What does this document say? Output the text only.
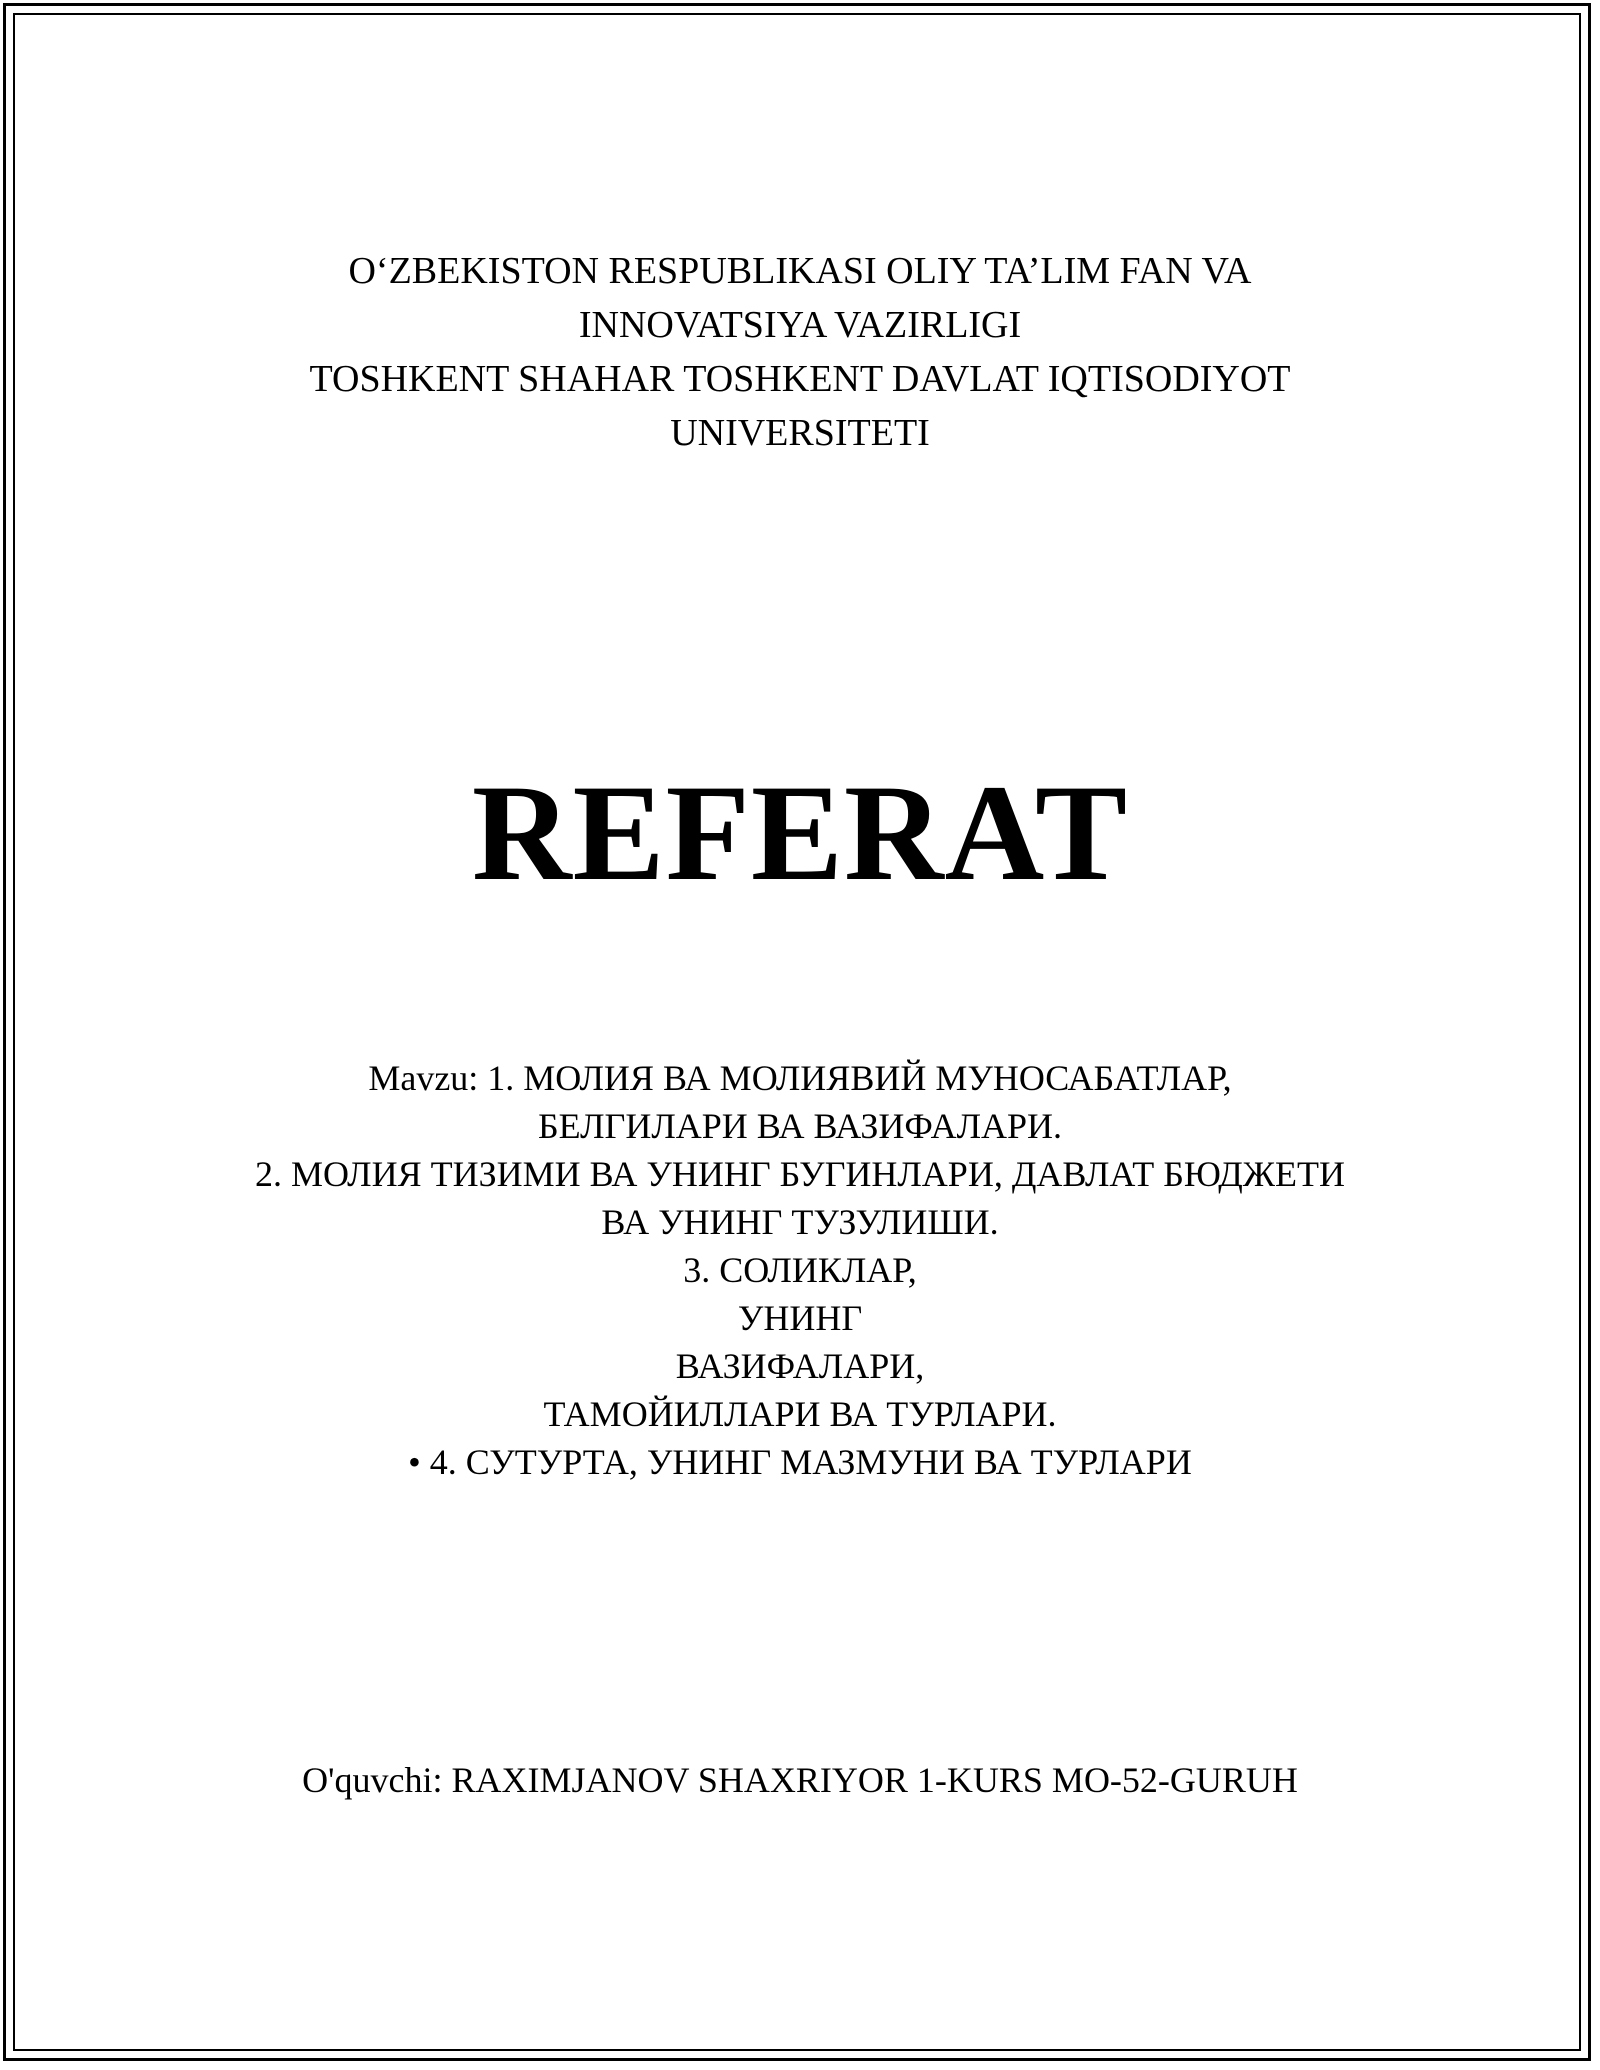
O‘ZBEKISTON RESPUBLIKASI OLIY TA’LIM FAN VA
INNOVATSIYA VAZIRLIGI
TOSHKENT SHAHAR TOSHKENT DAVLAT IQTISODIYOT
UNIVERSITETI
REFERAT
Mavzu: 1. МОЛИЯ ВА МОЛИЯВИЙ МУНОСАБАТЛАР,
БЕЛГИЛАРИ ВА ВАЗИФАЛАРИ.
2. МОЛИЯ ТИЗИМИ ВА УНИНГ БУГИНЛАРИ, ДАВЛАТ БЮДЖЕТИ
ВА УНИНГ ТУЗУЛИШИ.
3. СОЛИКЛАР,
УНИНГ
ВАЗИФАЛАРИ,
ТАМОЙИЛЛАРИ ВА ТУРЛАРИ.
• 4. СУТУРТА, УНИНГ МАЗМУНИ ВА ТУРЛАРИ
O'quvchi: RAXIMJANOV SHAXRIYOR 1-KURS MO-52-GURUH
